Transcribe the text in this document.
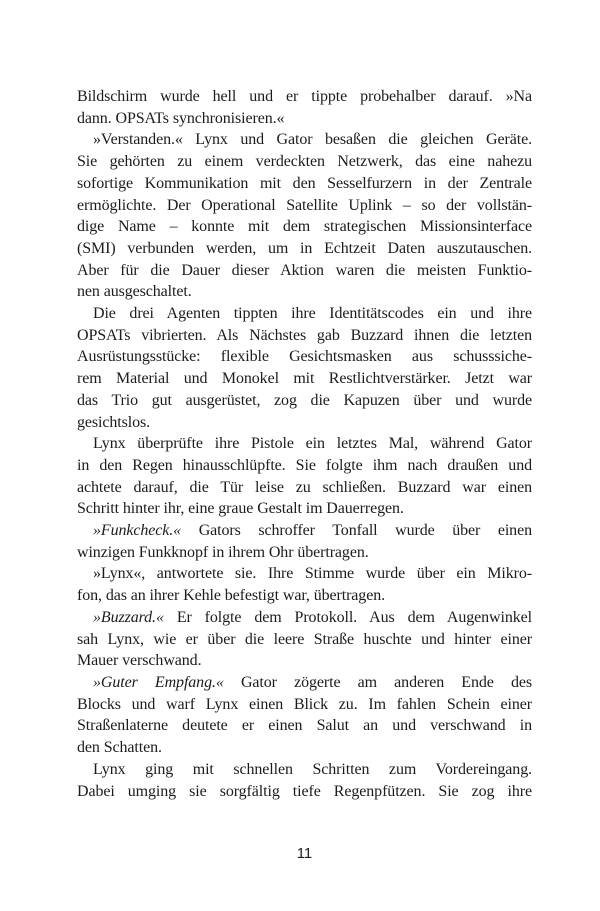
Bildschirm wurde hell und er tippte probehalber darauf. »Na
dann. OPSATs synchronisieren.«
»Verstanden.« Lynx und Gator besaßen die gleichen Geräte.
Sie gehörten zu einem verdeckten Netzwerk, das eine nahezu
sofortige Kommunikation mit den Sesselfurzern in der Zentrale
ermöglichte. Der Operational Satellite Uplink – so der vollstän-
dige Name – konnte mit dem strategischen Missionsinterface
(SMI) verbunden werden, um in Echtzeit Daten auszutauschen.
Aber für die Dauer dieser Aktion waren die meisten Funktio-
nen ausgeschaltet.
Die drei Agenten tippten ihre Identitätscodes ein und ihre
OPSATs vibrierten. Als Nächstes gab Buzzard ihnen die letzten
Ausrüstungsstücke: flexible Gesichtsmasken aus schusssiche-
rem Material und Monokel mit Restlichtverstärker. Jetzt war
das Trio gut ausgerüstet, zog die Kapuzen über und wurde
gesichtslos.
Lynx überprüfte ihre Pistole ein letztes Mal, während Gator
in den Regen hinausschlüpfte. Sie folgte ihm nach draußen und
achtete darauf, die Tür leise zu schließen. Buzzard war einen
Schritt hinter ihr, eine graue Gestalt im Dauerregen.
»Funkcheck.« Gators schroffer Tonfall wurde über einen
winzigen Funkknopf in ihrem Ohr übertragen.
»Lynx«, antwortete sie. Ihre Stimme wurde über ein Mikro-
fon, das an ihrer Kehle befestigt war, übertragen.
»Buzzard.« Er folgte dem Protokoll. Aus dem Augenwinkel
sah Lynx, wie er über die leere Straße huschte und hinter einer
Mauer verschwand.
»Guter Empfang.« Gator zögerte am anderen Ende des
Blocks und warf Lynx einen Blick zu. Im fahlen Schein einer
Straßenlaterne deutete er einen Salut an und verschwand in
den Schatten.
Lynx ging mit schnellen Schritten zum Vordereingang.
Dabei umging sie sorgfältig tiefe Regenpfützen. Sie zog ihre
11
